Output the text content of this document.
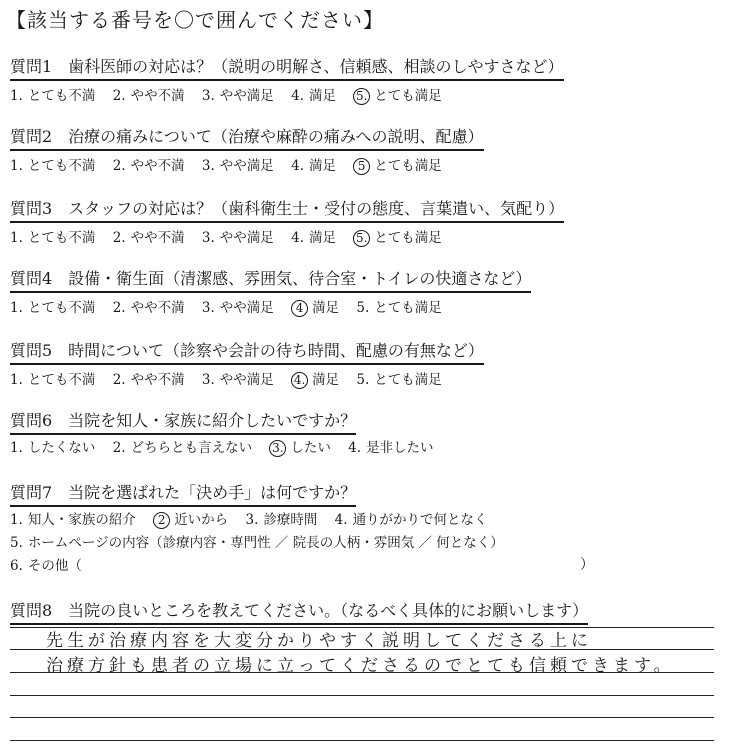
【該当する番号を〇で囲んでください】
質問1　歯科医師の対応は？（説明の明解さ、信頼感、相談のしやすさなど）
1. とても不満 2. やや不満 3. やや満足 4. 満足 5. とても満足
質問2　治療の痛みについて（治療や麻酔の痛みへの説明、配慮）
1. とても不満 2. やや不満 3. やや満足 4. 満足 5 とても満足
質問3　スタッフの対応は？（歯科衛生士・受付の態度、言葉遣い、気配り）
1. とても不満 2. やや不満 3. やや満足 4. 満足 5. とても満足
質問4　設備・衛生面（清潔感、雰囲気、待合室・トイレの快適さなど）
1. とても不満 2. やや不満 3. やや満足 4 満足 5. とても満足
質問5　時間について（診察や会計の待ち時間、配慮の有無など）
1. とても不満 2. やや不満 3. やや満足 4. 満足 5. とても満足
質問6　当院を知人・家族に紹介したいですか？
1. したくない 2. どちらとも言えない 3. したい 4. 是非したい
質問7　当院を選ばれた「決め手」は何ですか？
1. 知人・家族の紹介 2 近いから 3. 診療時間 4. 通りがかりで何となく
5. ホームページの内容（診療内容・専門性 ／ 院長の人柄・雰囲気 ／ 何となく）
6. その他（	）
質問8　当院の良いところを教えてください。（なるべく具体的にお願いします）
先生が治療内容を大変分かりやすく説明してくださる上に
治療方針も患者の立場に立ってくださるのでとても信頼できます。
